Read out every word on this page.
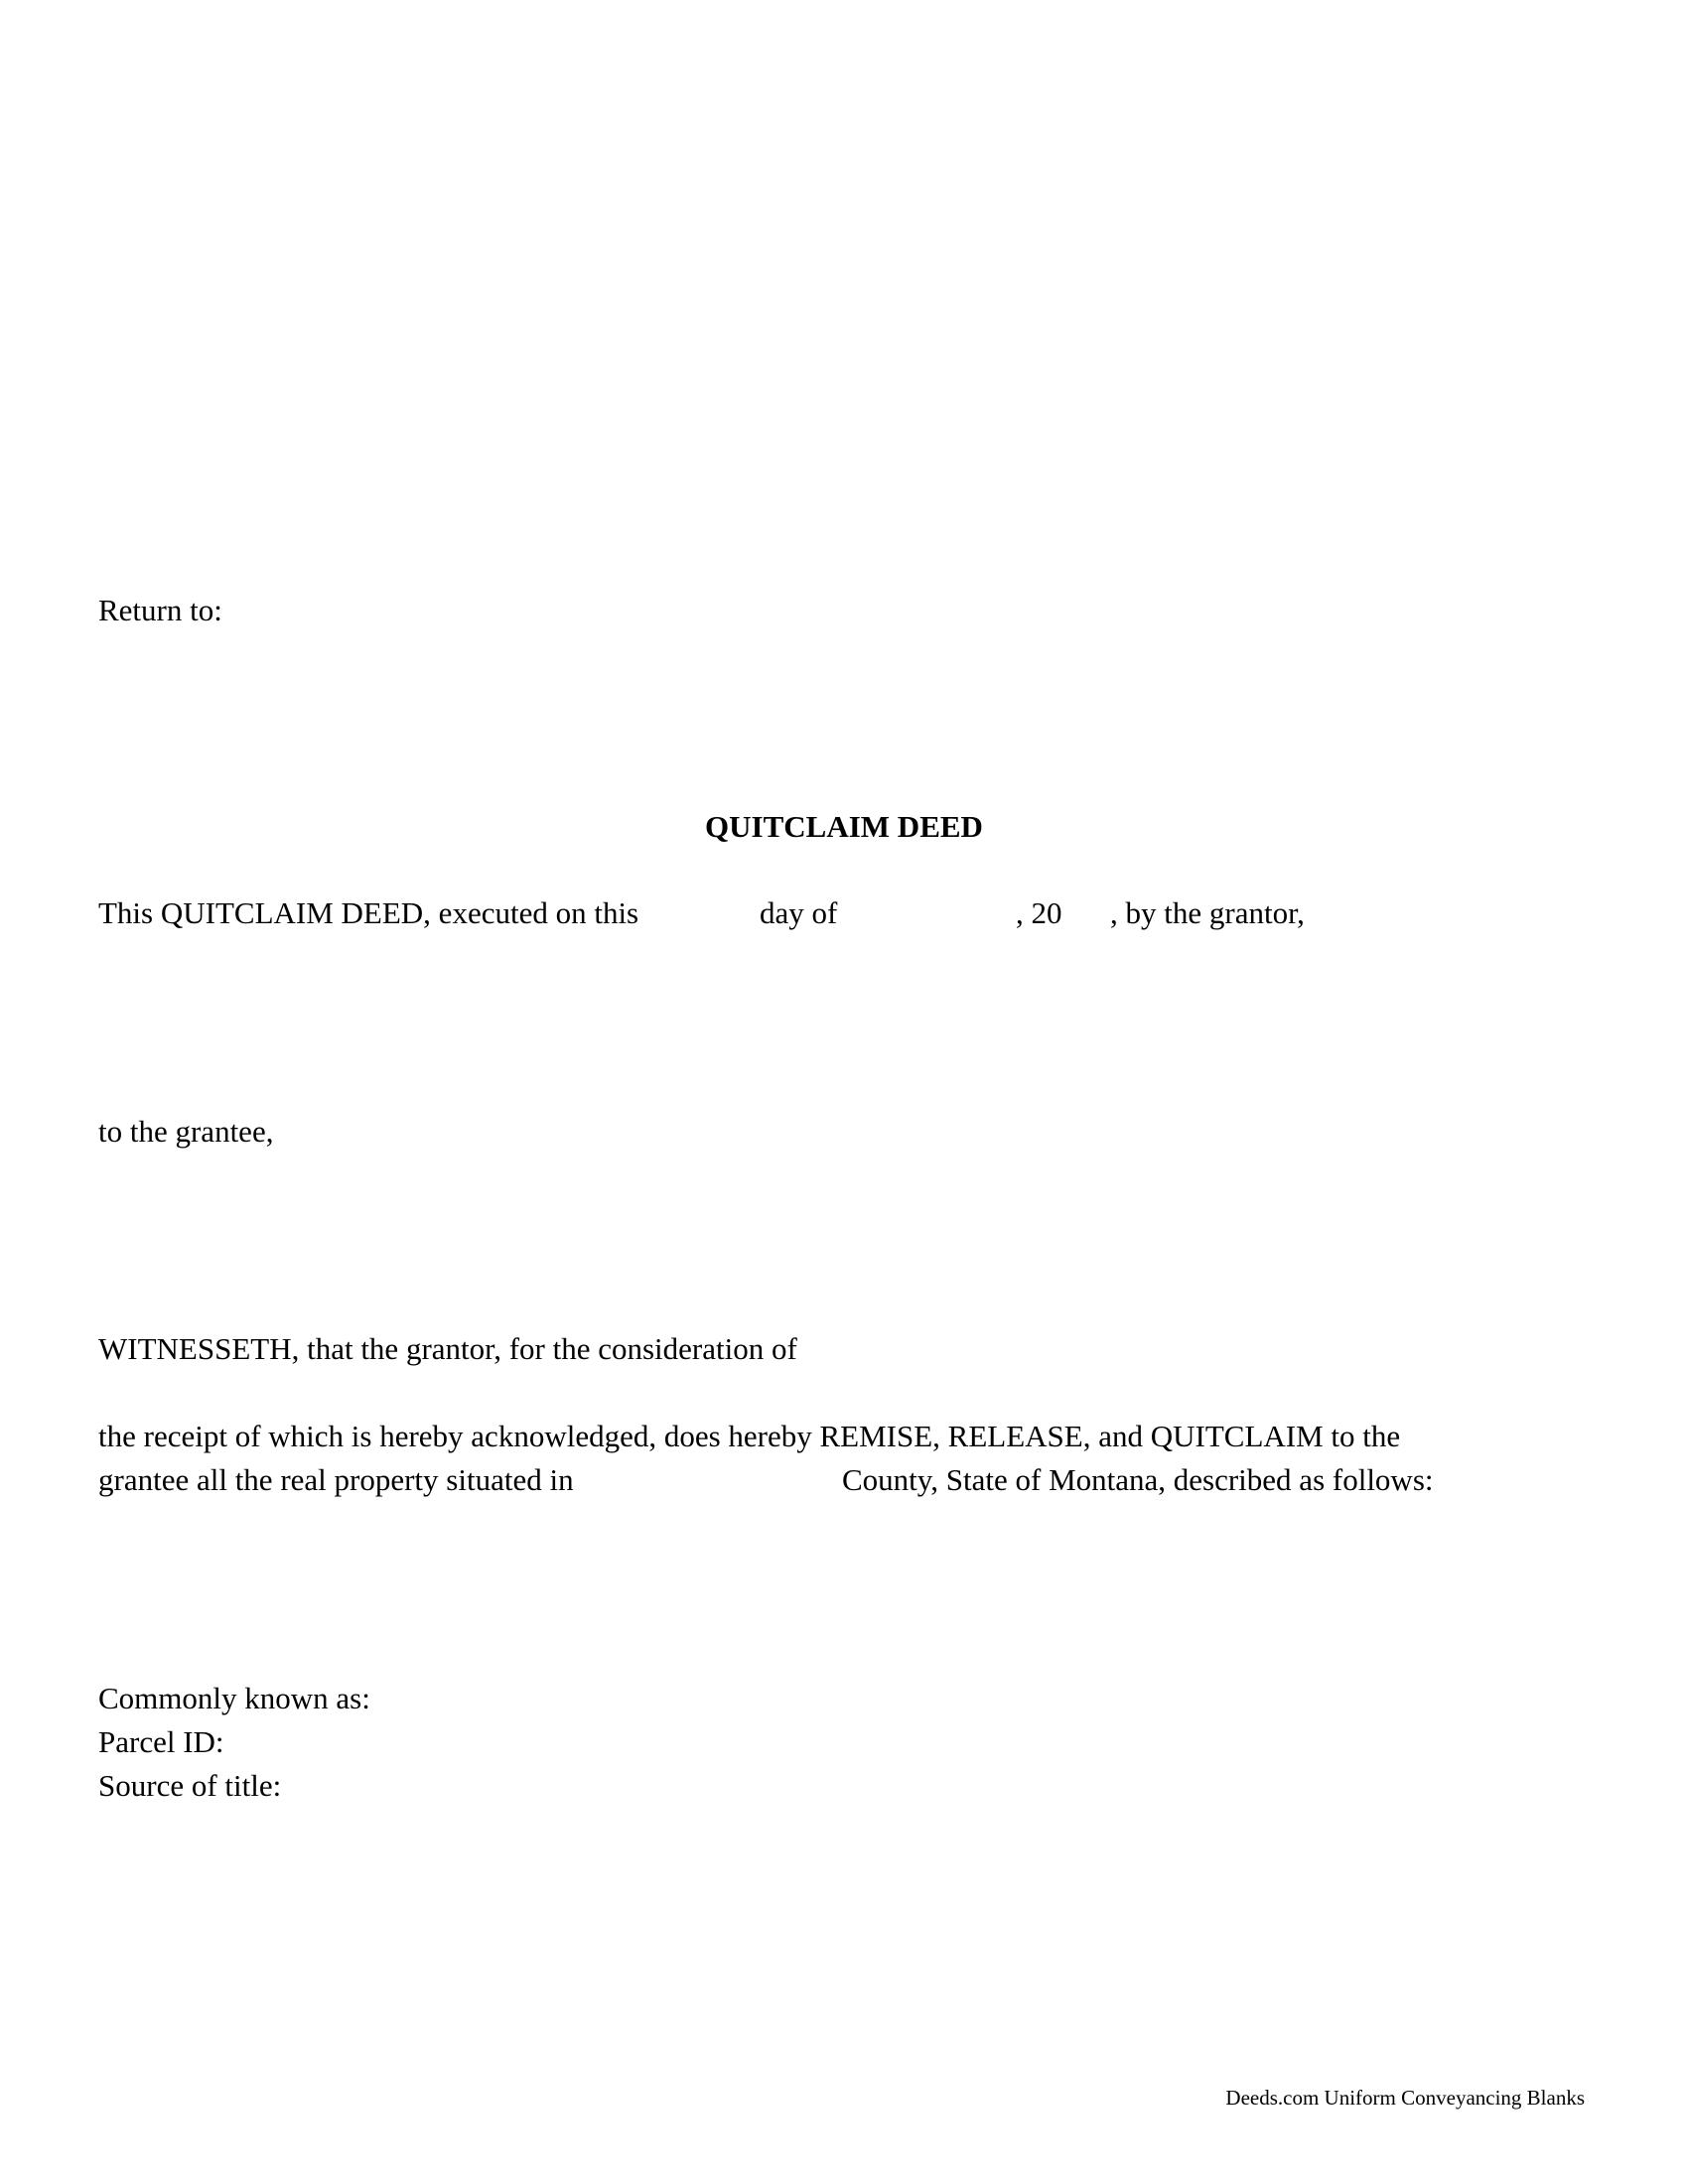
Return to:
QUITCLAIM DEED
This QUITCLAIM DEED, executed on this	day of	, 20 , by the grantor,
to the grantee,
WITNESSETH, that the grantor, for the consideration of
the receipt of which is hereby acknowledged, does hereby REMISE, RELEASE, and QUITCLAIM to the
grantee all the real property situated in	County, State of Montana, described as follows:
Commonly known as:
Parcel ID:
Source of title:
Deeds.com Uniform Conveyancing Blanks
